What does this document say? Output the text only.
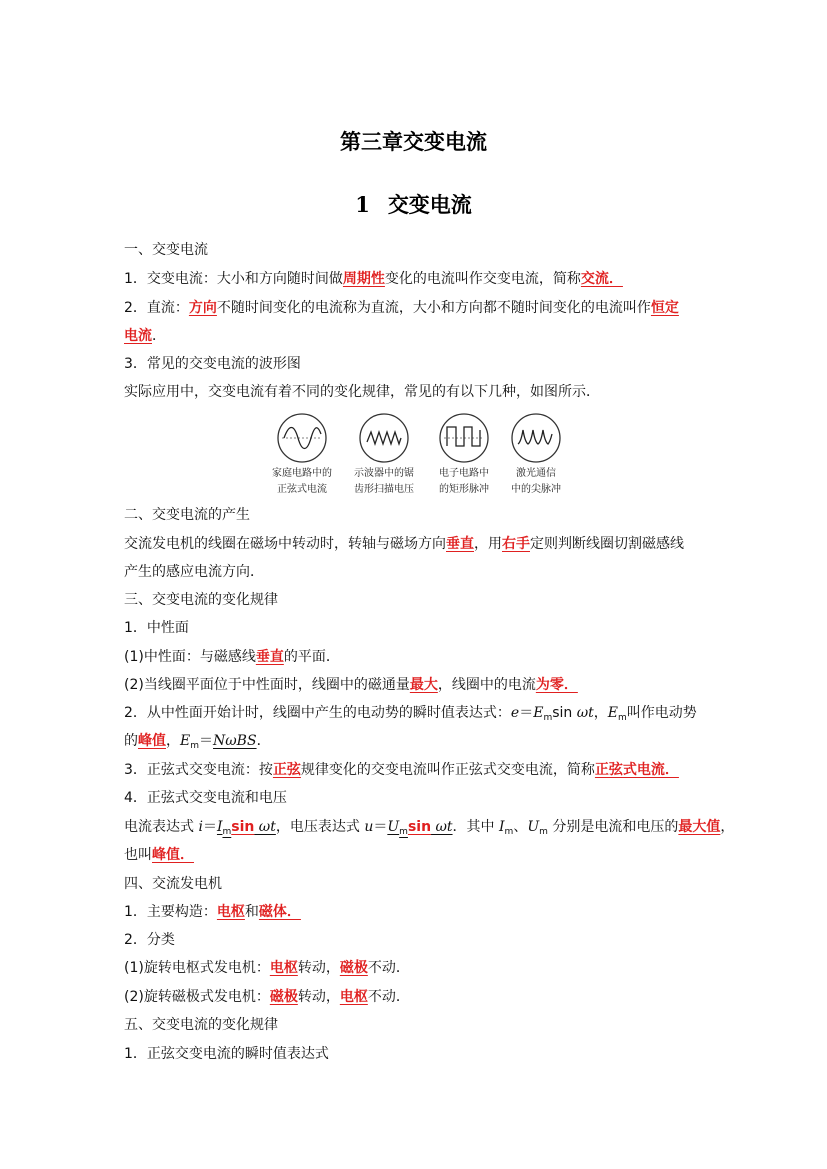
第三章交变电流
1 交变电流
一、交变电流
1．交变电流：大小和方向随时间做周期性变化的电流叫作交变电流，简称交流．
2．直流：方向不随时间变化的电流称为直流，大小和方向都不随时间变化的电流叫作恒定
电流．
3．常见的交变电流的波形图
实际应用中，交变电流有着不同的变化规律，常见的有以下几种，如图所示．
家庭电路中的
正弦式电流
示波器中的锯
齿形扫描电压
电子电路中
的矩形脉冲
激光通信
中的尖脉冲
二、交变电流的产生
交流发电机的线圈在磁场中转动时，转轴与磁场方向垂直，用右手定则判断线圈切割磁感线
产生的感应电流方向．
三、交变电流的变化规律
1．中性面
(1)中性面：与磁感线垂直的平面．
(2)当线圈平面位于中性面时，线圈中的磁通量最大，线圈中的电流为零．
2．从中性面开始计时，线圈中产生的电动势的瞬时值表达式：$e=E_m\sin$ ωt，$E_m$叫作电动势
的峰值，$E_m=N\omega BS$．
3．正弦式交变电流：按正弦规律变化的交变电流叫作正弦式交变电流，简称正弦式电流．
4．正弦式交变电流和电压
电流表达式 $i=I_m\sin$ ωt，电压表达式 $u=U_m\sin$ ωt．其中 $I_m$、$U_m$ 分别是电流和电压的最大值，
也叫峰值．
四、交流发电机
1．主要构造：电枢和磁体．
2．分类
(1)旋转电枢式发电机：电枢转动，磁极不动．
(2)旋转磁极式发电机：磁极转动，电枢不动．
五、交变电流的变化规律
1．正弦交变电流的瞬时值表达式
